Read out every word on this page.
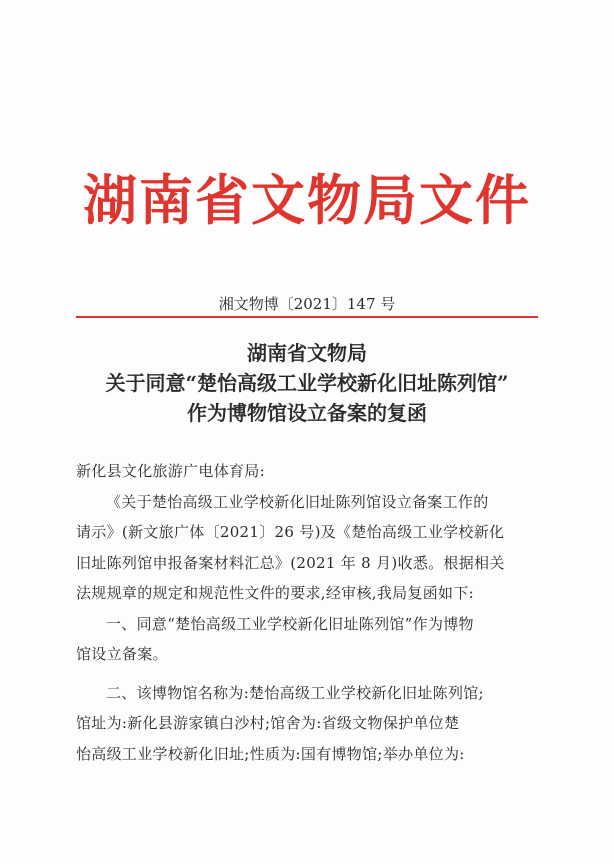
湖南省文物局文件
湘文物博〔2021〕147 号
湖南省文物局
关于同意“楚怡高级工业学校新化旧址陈列馆”
作为博物馆设立备案的复函
新化县文化旅游广电体育局:
《关于楚怡高级工业学校新化旧址陈列馆设立备案工作的
请示》(新文旅广体〔2021〕26 号)及《楚怡高级工业学校新化
旧址陈列馆申报备案材料汇总》(2021 年 8 月)收悉。根据相关
法规规章的规定和规范性文件的要求,经审核,我局复函如下:
一、同意“楚怡高级工业学校新化旧址陈列馆”作为博物
馆设立备案。
二、该博物馆名称为:楚怡高级工业学校新化旧址陈列馆;
馆址为:新化县游家镇白沙村;馆舍为:省级文物保护单位楚
怡高级工业学校新化旧址;性质为:国有博物馆;举办单位为:
